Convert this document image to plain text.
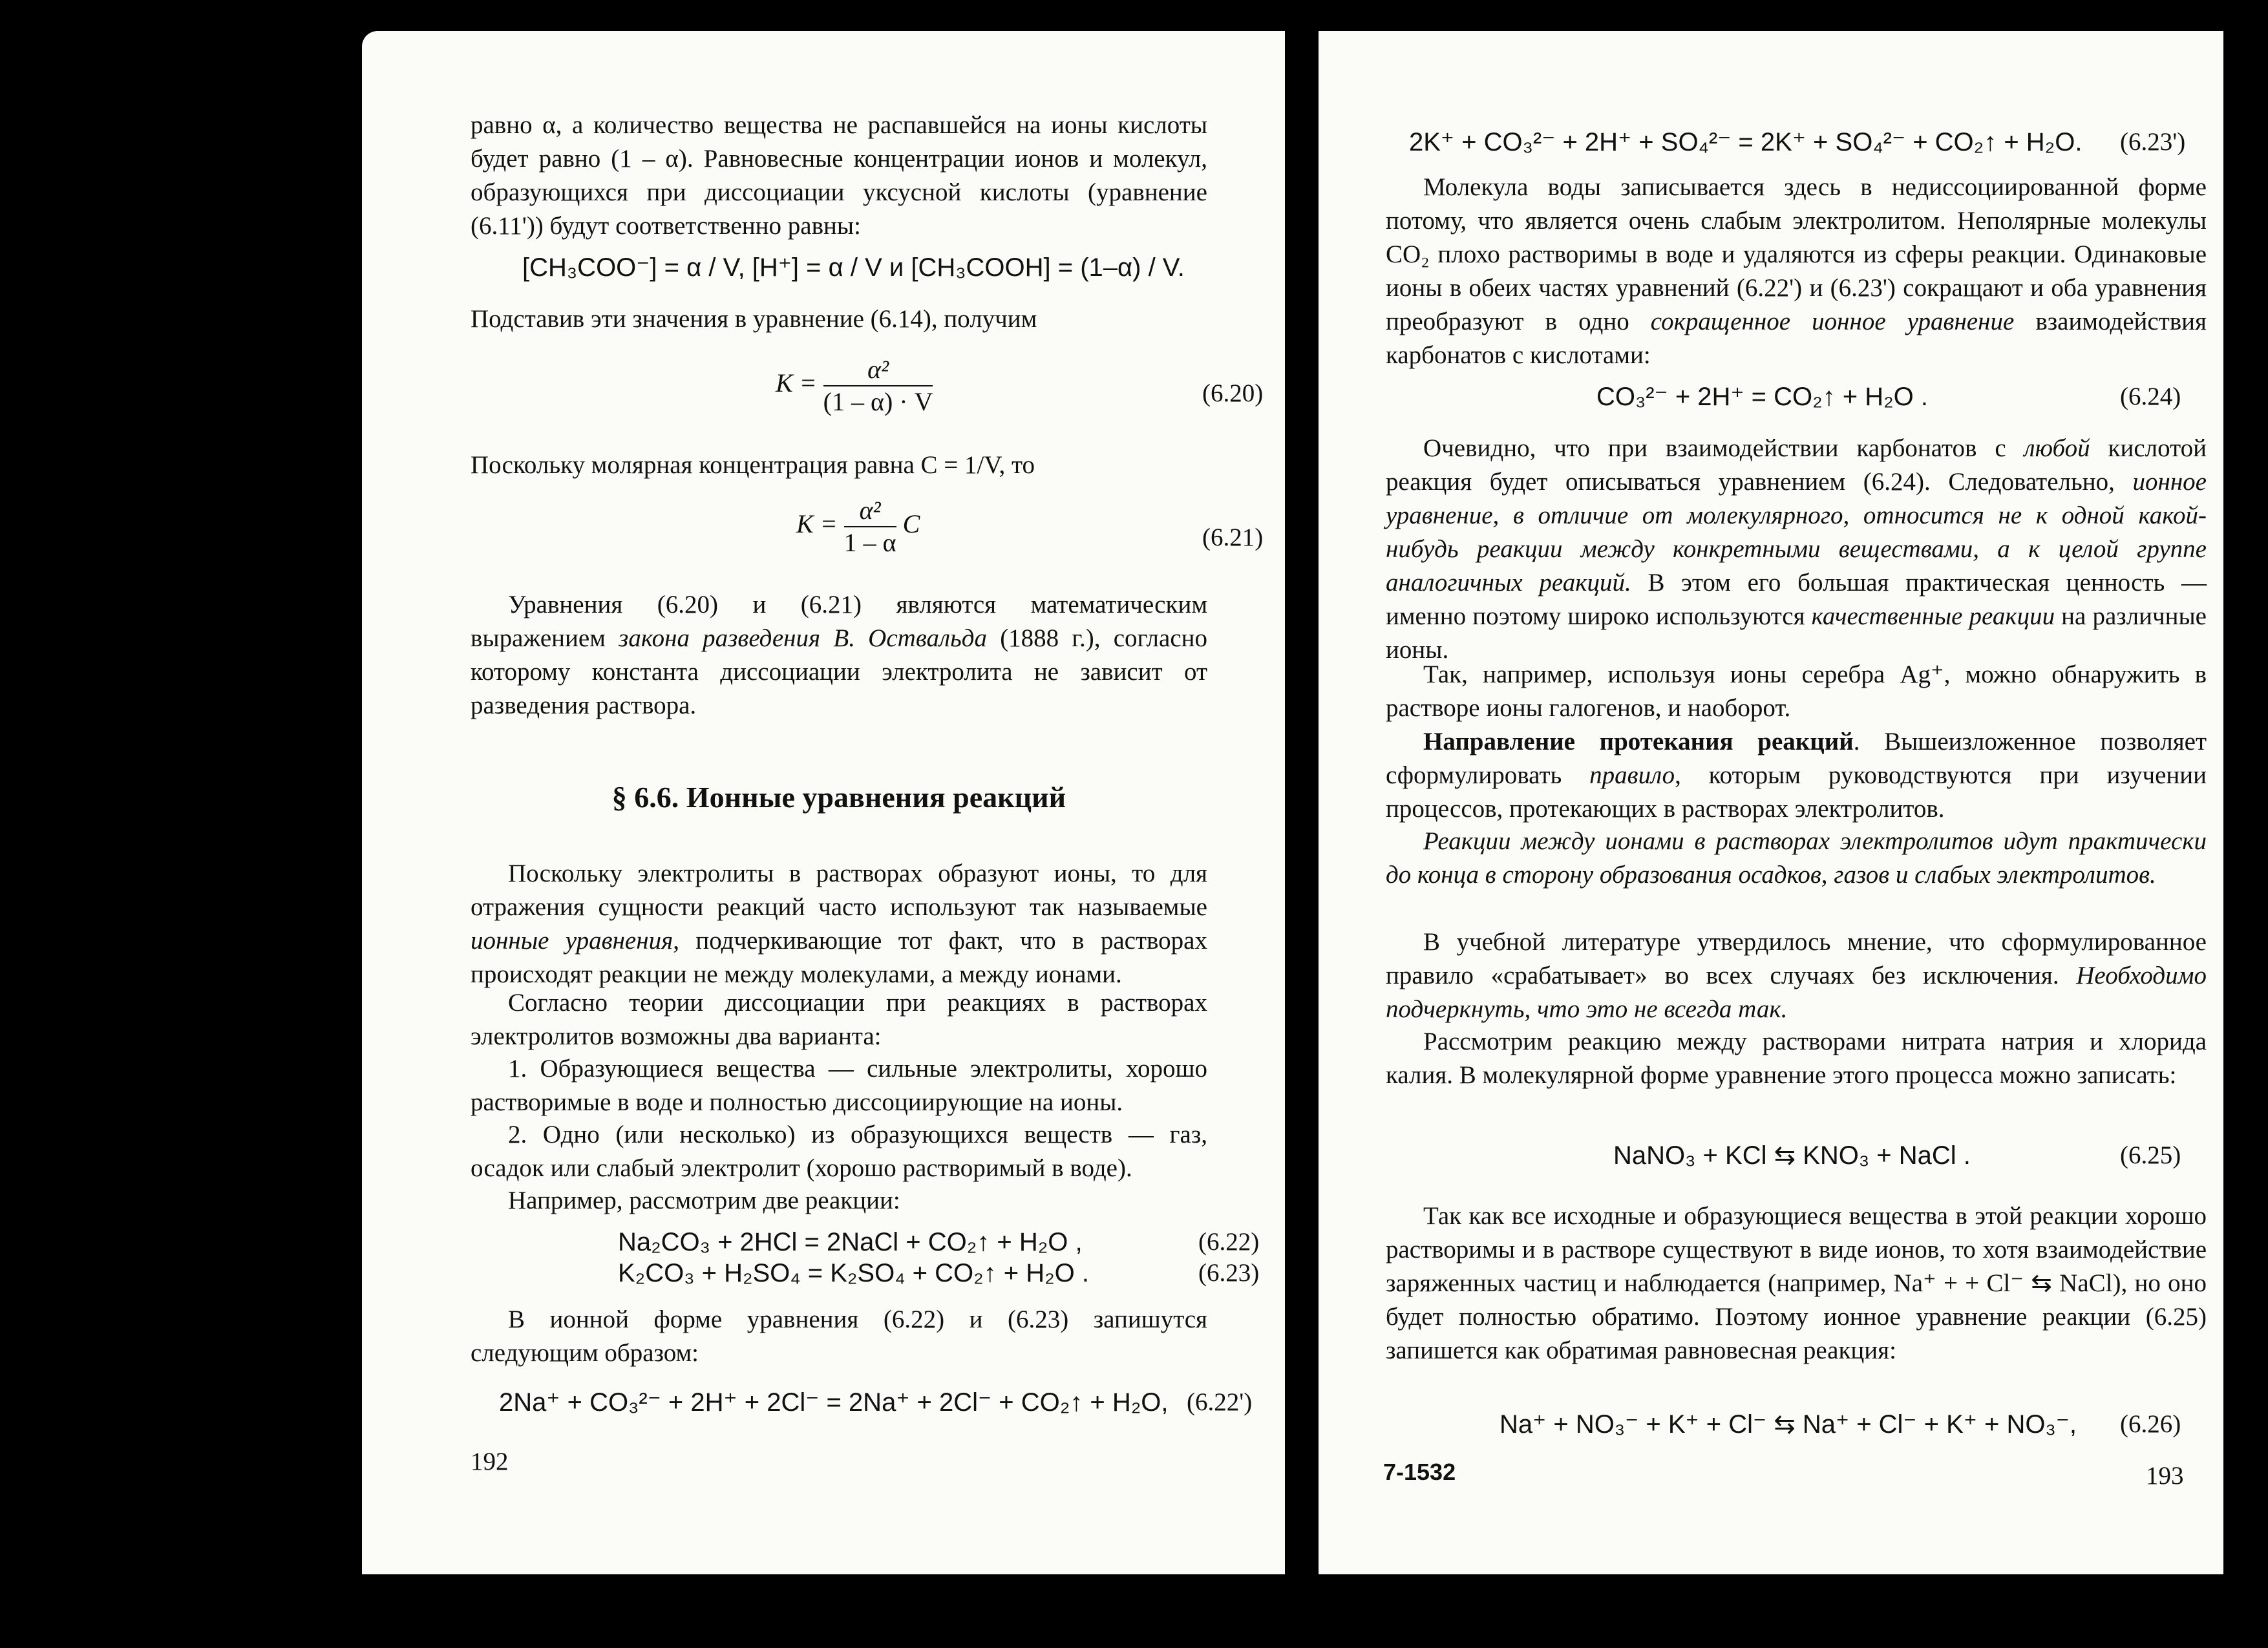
равно α, а количество вещества не распавшейся на ионы кислоты будет равно (1 – α). Равновесные концентрации ионов и молекул, образующихся при диссоциации уксусной кислоты (уравнение (6.11')) будут соответственно равны:
[CH₃COO⁻] = α / V, [H⁺] = α / V и [CH₃COOH] = (1–α) / V.
Подставив эти значения в уравнение (6.14), получим
$K = \frac{\text{α²}}{(1 - \alpha) \cdot V}$	(6.20)
Поскольку молярная концентрация равна C = 1/V, то
$K = \frac{\text{α²}}{1 - \alpha}$ C	(6.21)
Уравнения (6.20) и (6.21) являются математическим выражением закона разведения В. Оствальда (1888 г.), согласно которому константа диссоциации электролита не зависит от разведения раствора.
§ 6.6. Ионные уравнения реакций
Поскольку электролиты в растворах образуют ионы, то для отражения сущности реакций часто используют так называемые ионные уравнения, подчеркивающие тот факт, что в растворах происходят реакции не между молекулами, а между ионами.
Согласно теории диссоциации при реакциях в растворах электролитов возможны два варианта:
1. Образующиеся вещества — сильные электролиты, хорошо растворимые в воде и полностью диссоциирующие на ионы.
2. Одно (или несколько) из образующихся веществ — газ, осадок или слабый электролит (хорошо растворимый в воде).
Например, рассмотрим две реакции:
Na₂CO₃ + 2HCl = 2NaCl + CO₂↑ + H₂O ,	(6.22)
K₂CO₃ + H₂SO₄ = K₂SO₄ + CO₂↑ + H₂O .	(6.23)
В ионной форме уравнения (6.22) и (6.23) запишутся следующим образом:
2Na⁺ + CO₃²⁻ + 2H⁺ + 2Cl⁻ = 2Na⁺ + 2Cl⁻ + CO₂↑ + H₂O, (6.22')
192
2K⁺ + CO₃²⁻ + 2H⁺ + SO₄²⁻ = 2K⁺ + SO₄²⁻ + CO₂↑ + H₂O. (6.23')
Молекула воды записывается здесь в недиссоциированной форме потому, что является очень слабым электролитом. Неполярные молекулы CO₂ плохо растворимы в воде и удаляются из сферы реакции. Одинаковые ионы в обеих частях уравнений (6.22') и (6.23') сокращают и оба уравнения преобразуют в одно сокращенное ионное уравнение взаимодействия карбонатов с кислотами:
CO₃²⁻ + 2H⁺ = CO₂↑ + H₂O .	(6.24)
Очевидно, что при взаимодействии карбонатов с любой кислотой реакция будет описываться уравнением (6.24). Следовательно, ионное уравнение, в отличие от молекулярного, относится не к одной какой-нибудь реакции между конкретными веществами, а к целой группе аналогичных реакций. В этом его большая практическая ценность — именно поэтому широко используются качественные реакции на различные ионы.
Так, например, используя ионы серебра Ag⁺, можно обнаружить в растворе ионы галогенов, и наоборот.
Направление протекания реакций. Вышеизложенное позволяет сформулировать правило, которым руководствуются при изучении процессов, протекающих в растворах электролитов.
Реакции между ионами в растворах электролитов идут практически до конца в сторону образования осадков, газов и слабых электролитов.
В учебной литературе утвердилось мнение, что сформулированное правило «срабатывает» во всех случаях без исключения. Необходимо подчеркнуть, что это не всегда так.
Рассмотрим реакцию между растворами нитрата натрия и хлорида калия. В молекулярной форме уравнение этого процесса можно записать:
NaNO₃ + KCl ⇆ KNO₃ + NaCl .	(6.25)
Так как все исходные и образующиеся вещества в этой реакции хорошо растворимы и в растворе существуют в виде ионов, то хотя взаимодействие заряженных частиц и наблюдается (например, Na⁺ + + Cl⁻ ⇆ NaCl), но оно будет полностью обратимо. Поэтому ионное уравнение реакции (6.25) запишется как обратимая равновесная реакция:
Na⁺ + NO₃⁻ + K⁺ + Cl⁻ ⇆ Na⁺ + Cl⁻ + K⁺ + NO₃⁻, (6.26)
7-1532	193
